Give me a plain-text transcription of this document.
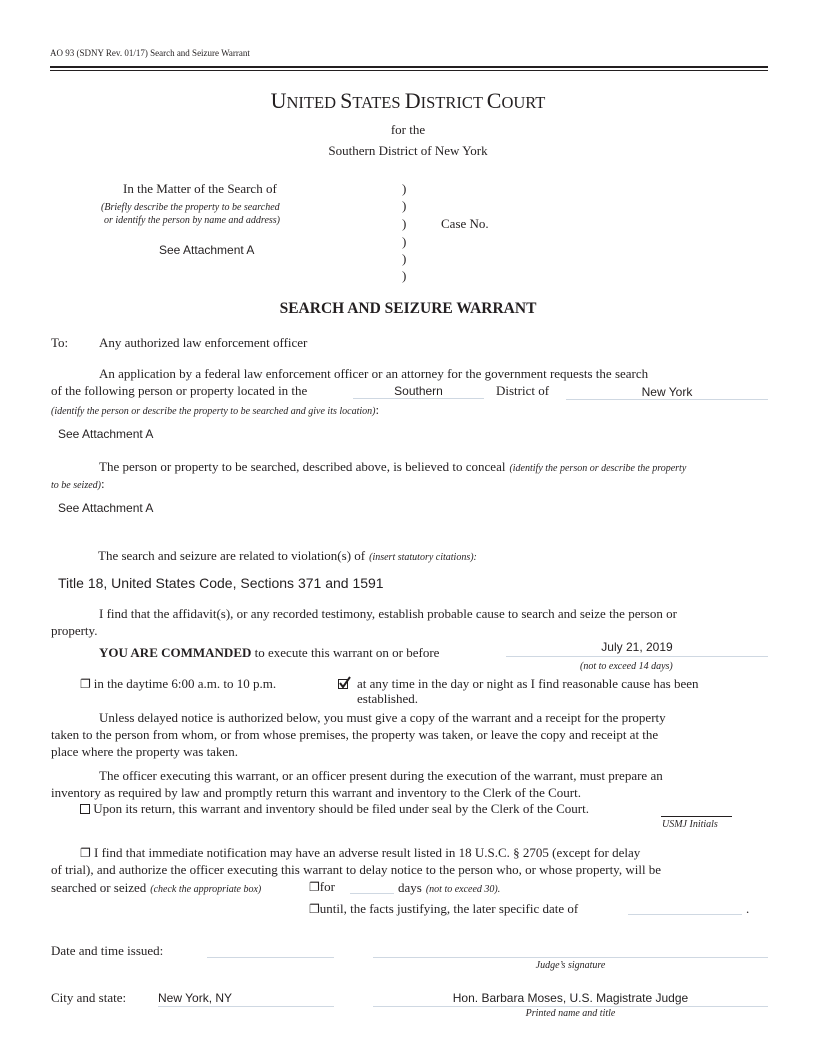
AO 93 (SDNY Rev. 01/17) Search and Seizure Warrant
UNITED STATES DISTRICT COURT
for the
Southern District of New York
In the Matter of the Search of
(Briefly describe the property to be searched
or identify the person by name and address)
See Attachment A
)
)
)
)
)
)
Case No.
SEARCH AND SEIZURE WARRANT
To: Any authorized law enforcement officer
An application by a federal law enforcement officer or an attorney for the government requests the search
of the following person or property located in the	Southern	District of	New York
(identify the person or describe the property to be searched and give its location):
See Attachment A
The person or property to be searched, described above, is believed to conceal (identify the person or describe the property
to be seized):
See Attachment A
The search and seizure are related to violation(s) of (insert statutory citations):
Title 18, United States Code, Sections 371 and 1591
I find that the affidavit(s), or any recorded testimony, establish probable cause to search and seize the person or
property.
YOU ARE COMMANDED to execute this warrant on or before	July 21, 2019
(not to exceed 14 days)
❐ in the daytime 6:00 a.m. to 10 p.m.	at any time in the day or night as I find reasonable cause has been
established.
Unless delayed notice is authorized below, you must give a copy of the warrant and a receipt for the property
taken to the person from whom, or from whose premises, the property was taken, or leave the copy and receipt at the
place where the property was taken.
The officer executing this warrant, or an officer present during the execution of the warrant, must prepare an
inventory as required by law and promptly return this warrant and inventory to the Clerk of the Court.
Upon its return, this warrant and inventory should be filed under seal by the Clerk of the Court.
USMJ Initials
❐ I find that immediate notification may have an adverse result listed in 18 U.S.C. § 2705 (except for delay
of trial), and authorize the officer executing this warrant to delay notice to the person who, or whose property, will be
searched or seized (check the appropriate box)	❐for	days (not to exceed 30).
❐until, the facts justifying, the later specific date of	.
Date and time issued:
Judge’s signature
City and state:	New York, NY	Hon. Barbara Moses, U.S. Magistrate Judge
Printed name and title
